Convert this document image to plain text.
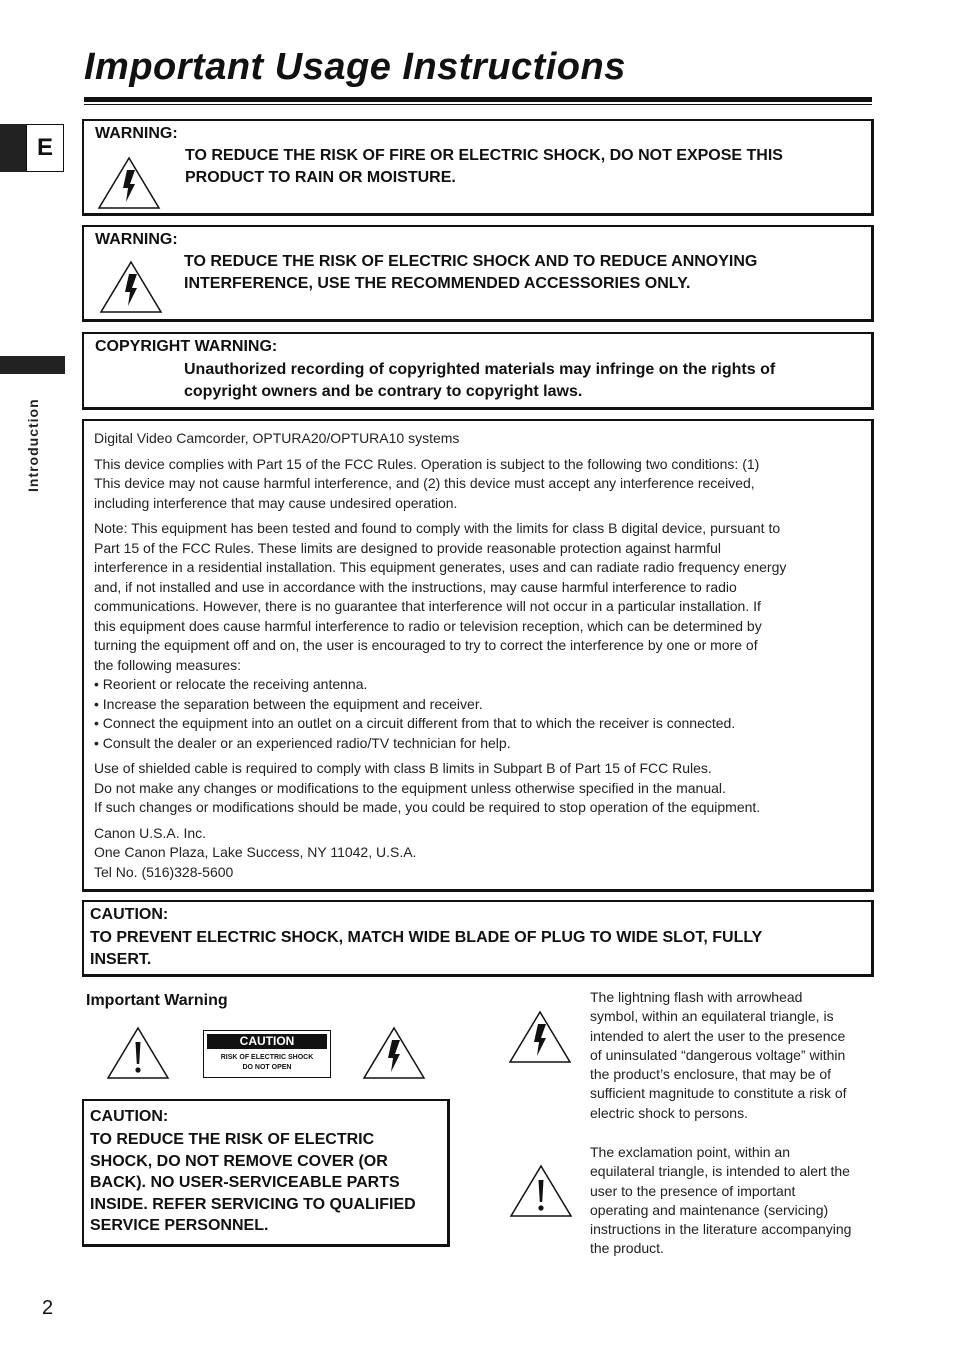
Important Usage Instructions
E
Introduction
WARNING:
TO REDUCE THE RISK OF FIRE OR ELECTRIC SHOCK, DO NOT EXPOSE THIS
PRODUCT TO RAIN OR MOISTURE.
WARNING:
TO REDUCE THE RISK OF ELECTRIC SHOCK AND TO REDUCE ANNOYING
INTERFERENCE, USE THE RECOMMENDED ACCESSORIES ONLY.
COPYRIGHT WARNING:
Unauthorized recording of copyrighted materials may infringe on the rights of
copyright owners and be contrary to copyright laws.

Digital Video Camcorder, OPTURA20/OPTURA10 systems

This device complies with Part 15 of the FCC Rules. Operation is subject to the following two conditions: (1)
This device may not cause harmful interference, and (2) this device must accept any interference received,
including interference that may cause undesired operation.

Note: This equipment has been tested and found to comply with the limits for class B digital device, pursuant to
Part 15 of the FCC Rules. These limits are designed to provide reasonable protection against harmful
interference in a residential installation. This equipment generates, uses and can radiate radio frequency energy
and, if not installed and use in accordance with the instructions, may cause harmful interference to radio
communications. However, there is no guarantee that interference will not occur in a particular installation. If
this equipment does cause harmful interference to radio or television reception, which can be determined by
turning the equipment off and on, the user is encouraged to try to correct the interference by one or more of
the following measures:
• Reorient or relocate the receiving antenna.
• Increase the separation between the equipment and receiver.
• Connect the equipment into an outlet on a circuit different from that to which the receiver is connected.
• Consult the dealer or an experienced radio/TV technician for help.

Use of shielded cable is required to comply with class B limits in Subpart B of Part 15 of FCC Rules.
Do not make any changes or modifications to the equipment unless otherwise specified in the manual.
If such changes or modifications should be made, you could be required to stop operation of the equipment.

Canon U.S.A. Inc.
One Canon Plaza, Lake Success, NY 11042, U.S.A.
Tel No. (516)328-5600

CAUTION:
TO PREVENT ELECTRIC SHOCK, MATCH WIDE BLADE OF PLUG TO WIDE SLOT, FULLY
INSERT.
Important Warning
CAUTION
RISK OF ELECTRIC SHOCK
DO NOT OPEN
CAUTION:
TO REDUCE THE RISK OF ELECTRIC
SHOCK, DO NOT REMOVE COVER (OR
BACK). NO USER-SERVICEABLE PARTS
INSIDE. REFER SERVICING TO QUALIFIED
SERVICE PERSONNEL.
The lightning flash with arrowhead
symbol, within an equilateral triangle, is
intended to alert the user to the presence
of uninsulated “dangerous voltage” within
the product’s enclosure, that may be of
sufficient magnitude to constitute a risk of
electric shock to persons.
The exclamation point, within an
equilateral triangle, is intended to alert the
user to the presence of important
operating and maintenance (servicing)
instructions in the literature accompanying
the product.
2
